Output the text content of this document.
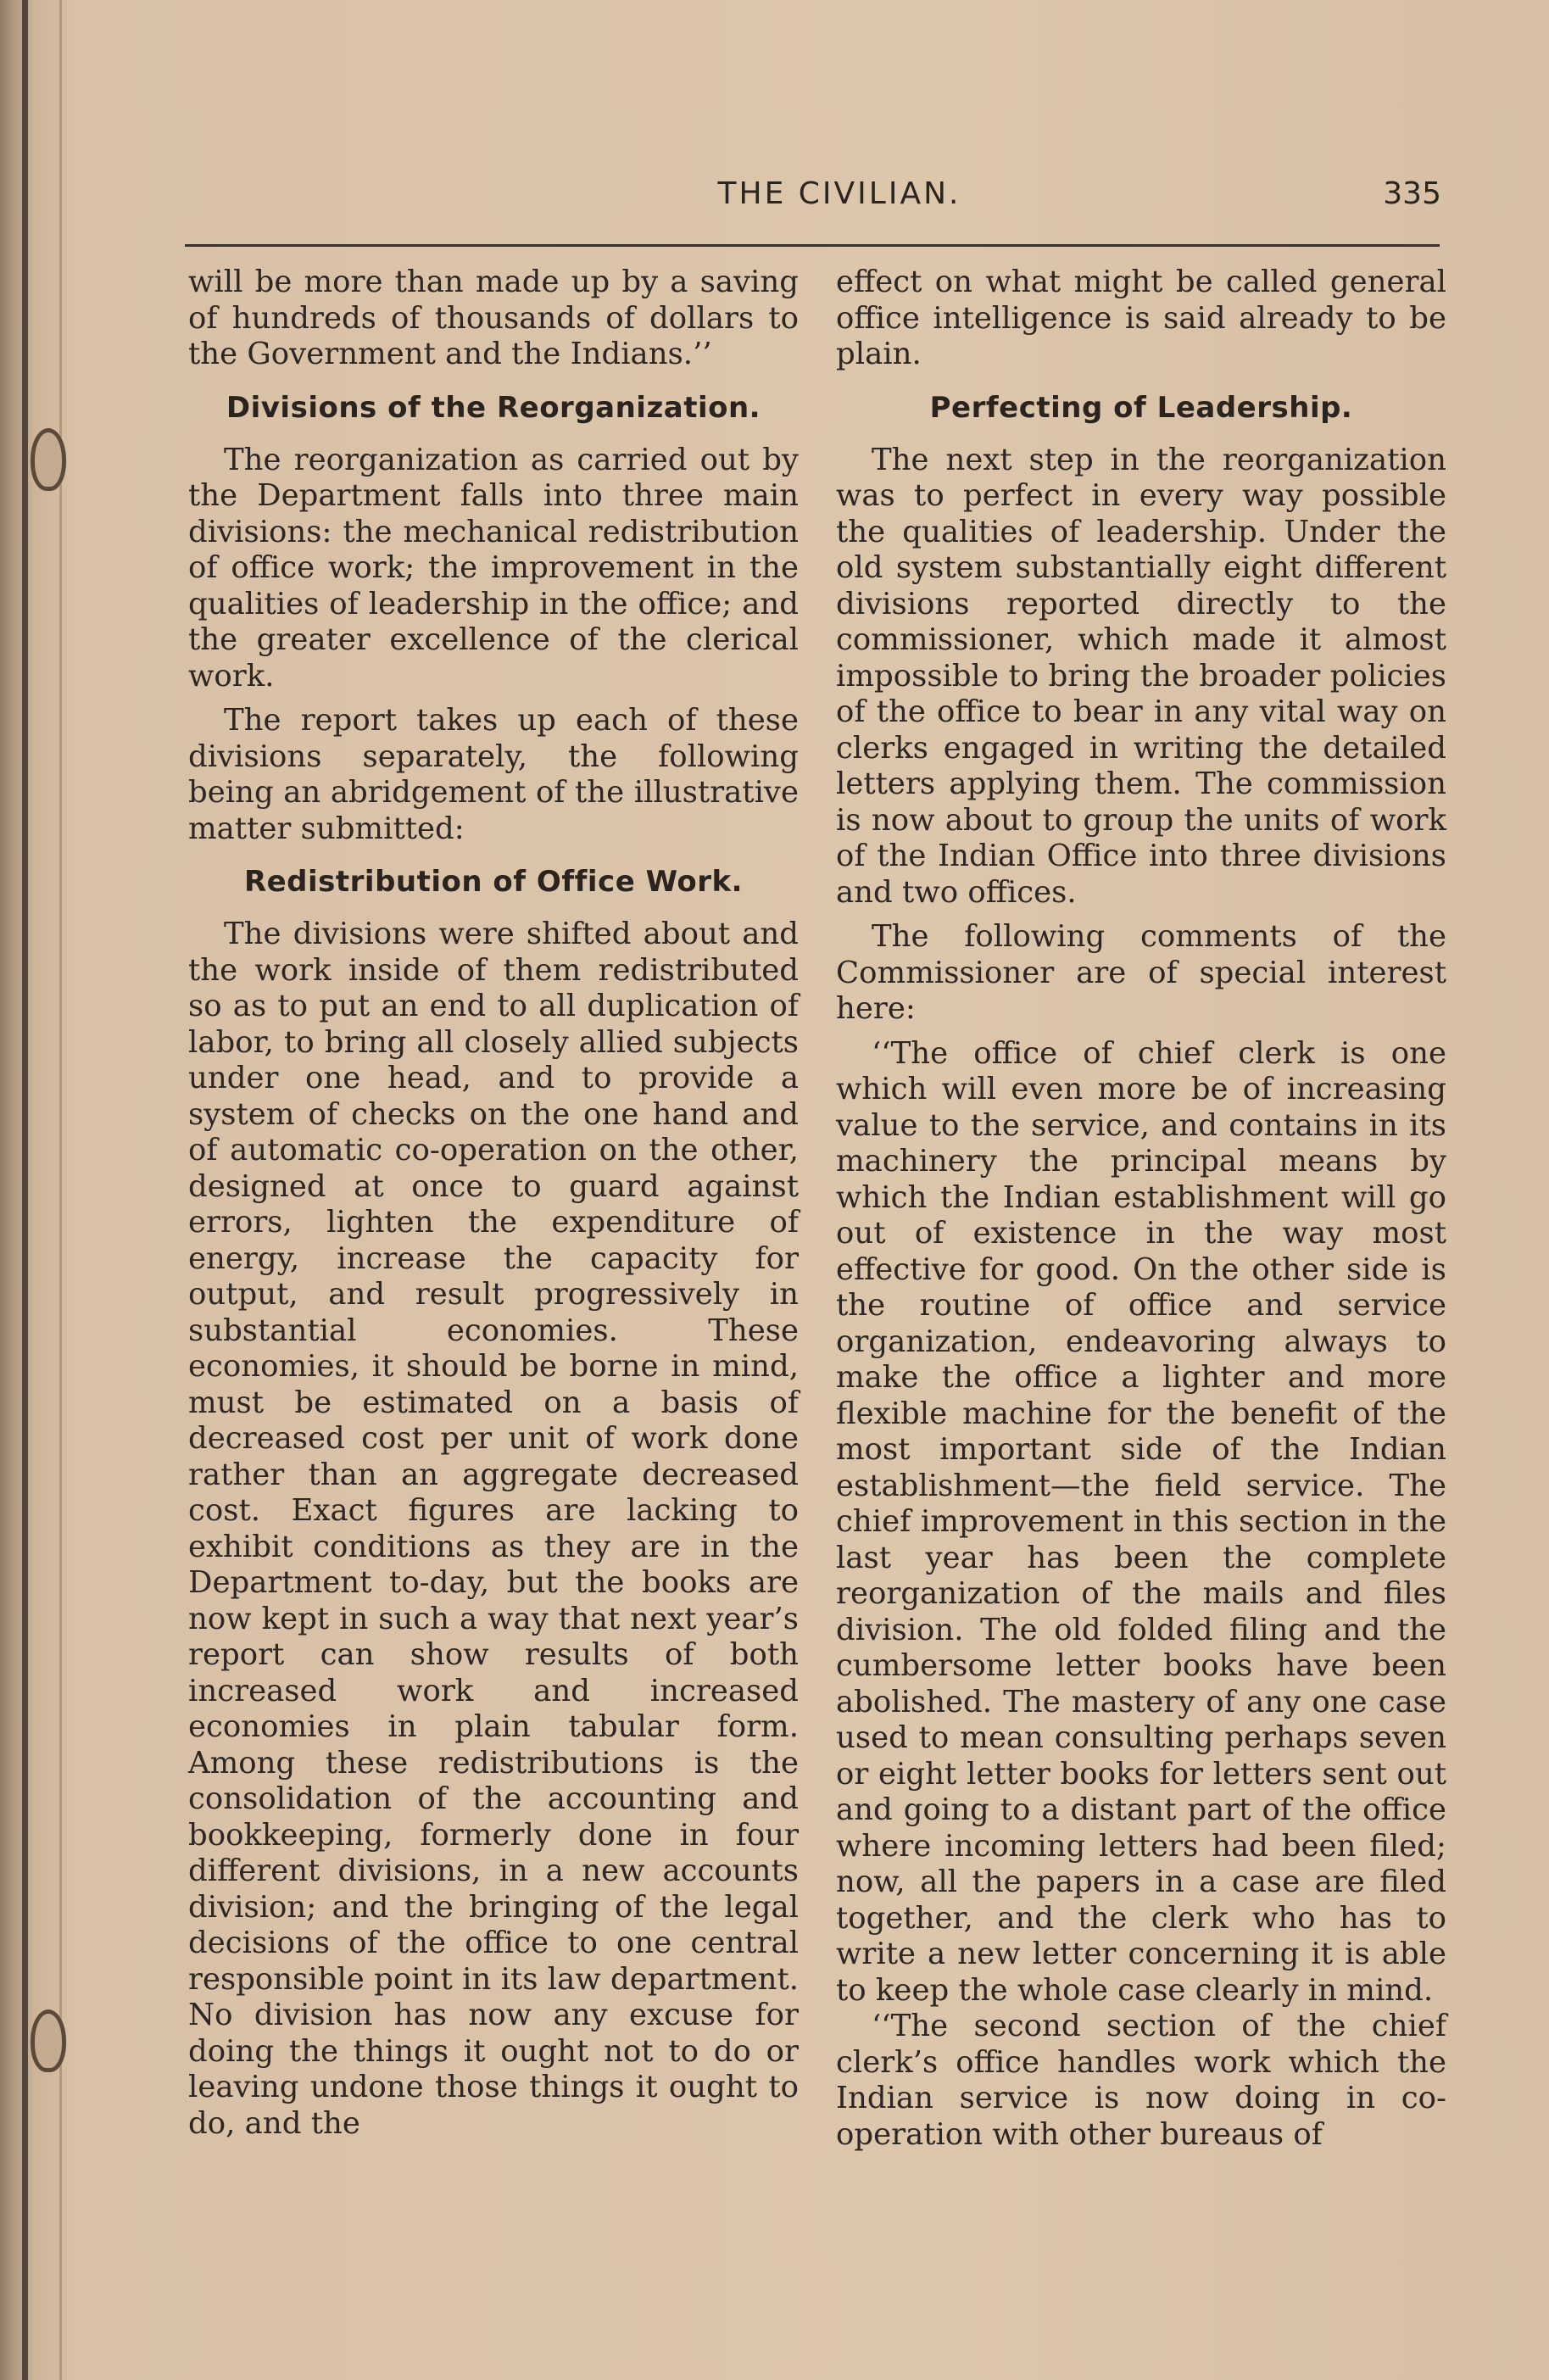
THE CIVILIAN.	335

will be more than made up by a saving of hundreds of thousands of dollars to the Government and the Indians.’’

Divisions of the Reorganization.

The reorganization as carried out by the Department falls into three main divisions: the mechanical redistribution of office work; the improvement in the qualities of leadership in the office; and the greater excellence of the clerical work.

The report takes up each of these divisions separately, the following being an abridgement of the illustrative matter submitted:

Redistribution of Office Work.

The divisions were shifted about and the work inside of them redistributed so as to put an end to all duplication of labor, to bring all closely allied subjects under one head, and to provide a system of checks on the one hand and of automatic co-operation on the other, designed at once to guard against errors, lighten the expenditure of energy, increase the capacity for output, and result progressively in substantial economies. These economies, it should be borne in mind, must be estimated on a basis of decreased cost per unit of work done rather than an aggregate decreased cost. Exact figures are lacking to exhibit conditions as they are in the Department to-day, but the books are now kept in such a way that next year’s report can show results of both increased work and increased economies in plain tabular form. Among these redistributions is the consolidation of the accounting and bookkeeping, formerly done in four different divisions, in a new accounts division; and the bringing of the legal decisions of the office to one central responsible point in its law department. No division has now any excuse for doing the things it ought not to do or leaving undone those things it ought to do, and the

effect on what might be called general office intelligence is said already to be plain.

Perfecting of Leadership.

The next step in the reorganization was to perfect in every way possible the qualities of leadership. Under the old system substantially eight different divisions reported directly to the commissioner, which made it almost impossible to bring the broader policies of the office to bear in any vital way on clerks engaged in writing the detailed letters applying them. The commission is now about to group the units of work of the Indian Office into three divisions and two offices.

The following comments of the Commissioner are of special interest here:

‘‘The office of chief clerk is one which will even more be of increasing value to the service, and contains in its machinery the principal means by which the Indian establishment will go out of existence in the way most effective for good. On the other side is the routine of office and service organization, endeavoring always to make the office a lighter and more flexible machine for the benefit of the most important side of the Indian establishment—the field service. The chief improvement in this section in the last year has been the complete reorganization of the mails and files division. The old folded filing and the cumbersome letter books have been abolished. The mastery of any one case used to mean consulting perhaps seven or eight letter books for letters sent out and going to a distant part of the office where incoming letters had been filed; now, all the papers in a case are filed together, and the clerk who has to write a new letter concerning it is able to keep the whole case clearly in mind.

‘‘The second section of the chief clerk’s office handles work which the Indian service is now doing in co-operation with other bureaus of
